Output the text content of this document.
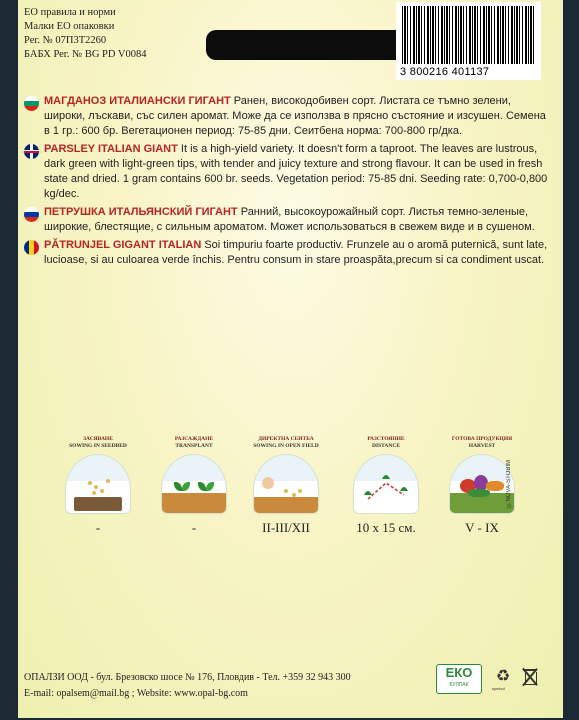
ЕО правила и норми
Малки ЕО опаковки
Рег. № 07П3Т2260
БАБХ Рег. № BG PD V0084
3 800216 401137
МАГДАНОЗ ИТАЛИАНСКИ ГИГАНТ Ранен, високодобивен сорт. Листата се тъмно зелени, широки, лъскави, със силен аромат. Може да се използва в прясно състояние и изсушен. Семена в 1 гр.: 600 бр. Вегетационен период: 75-85 дни. Сеитбена норма: 700-800 гр/дка.
PARSLEY ITALIAN GIANT It is a high-yield variety. It doesn't form a taproot. The leaves are lustrous, dark green with light-green tips, with tender and juicy texture and strong flavour. It can be used in fresh state and dried. 1 gram contains 600 br. seeds. Vegetation period: 75-85 dni. Seeding rate: 0,700-0,800 kg/dec.
ПЕТРУШКА ИТАЛЬЯНСКИЙ ГИГАНТ Ранний, высокоурожайный сорт. Листья темно-зеленые, широкие, блестящие, с сильным ароматом. Может использоваться в свежем виде и в сушеном.
PĂTRUNJEL GIGANT ITALIAN Soi timpuriu foarte productiv. Frunzele au o aromă puternică, sunt late, lucioase, si au culoarea verde închis. Pentru consum in stare proaspăta,precum si ca condiment uscat.
ЗАСЯВАНЕ
SOWING IN SEEDBED
-
РАЗСАЖДАНЕ
TRANSPLANT
-
ДИРЕКТНА СЕИТБА
SOWING IN OPEN FIELD
II-III/XII
РАЗСТОЯНИЕ
DISTANCE
10 x 15 см.
ГОТОВА ПРОДУКЦИЯ
HARVEST
V - IX
©NOVA-STOBIM
ОПАЛЗИ ООД - бул. Брезовско шосе № 176, Пловдив - Тел. +359 32 943 300
E-mail: opalsem@mail.bg ; Website: www.opal-bg.com
ЕКО
БУЛПАК	♻
symbol
